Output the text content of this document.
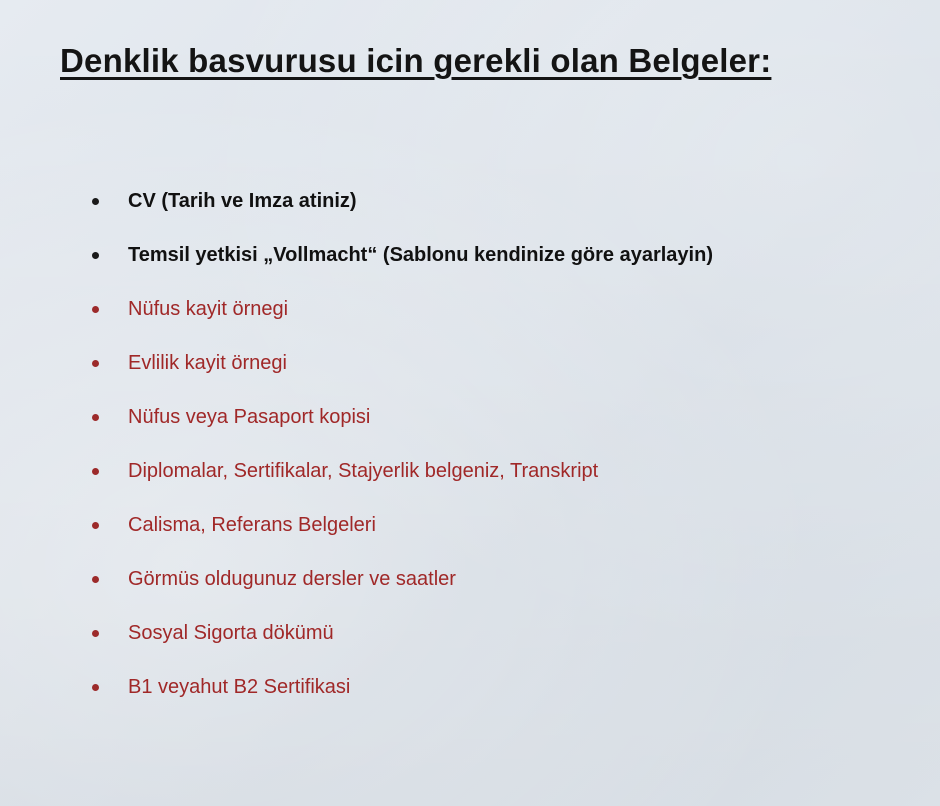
Denklik basvurusu icin gerekli olan Belgeler:
CV (Tarih ve Imza atiniz)
Temsil yetkisi „Vollmacht“ (Sablonu kendinize göre ayarlayin)
Nüfus kayit örnegi
Evlilik kayit örnegi
Nüfus veya Pasaport kopisi
Diplomalar, Sertifikalar, Stajyerlik belgeniz, Transkript
Calisma, Referans Belgeleri
Görmüs oldugunuz dersler ve saatler
Sosyal Sigorta dökümü
B1 veyahut B2 Sertifikasi
